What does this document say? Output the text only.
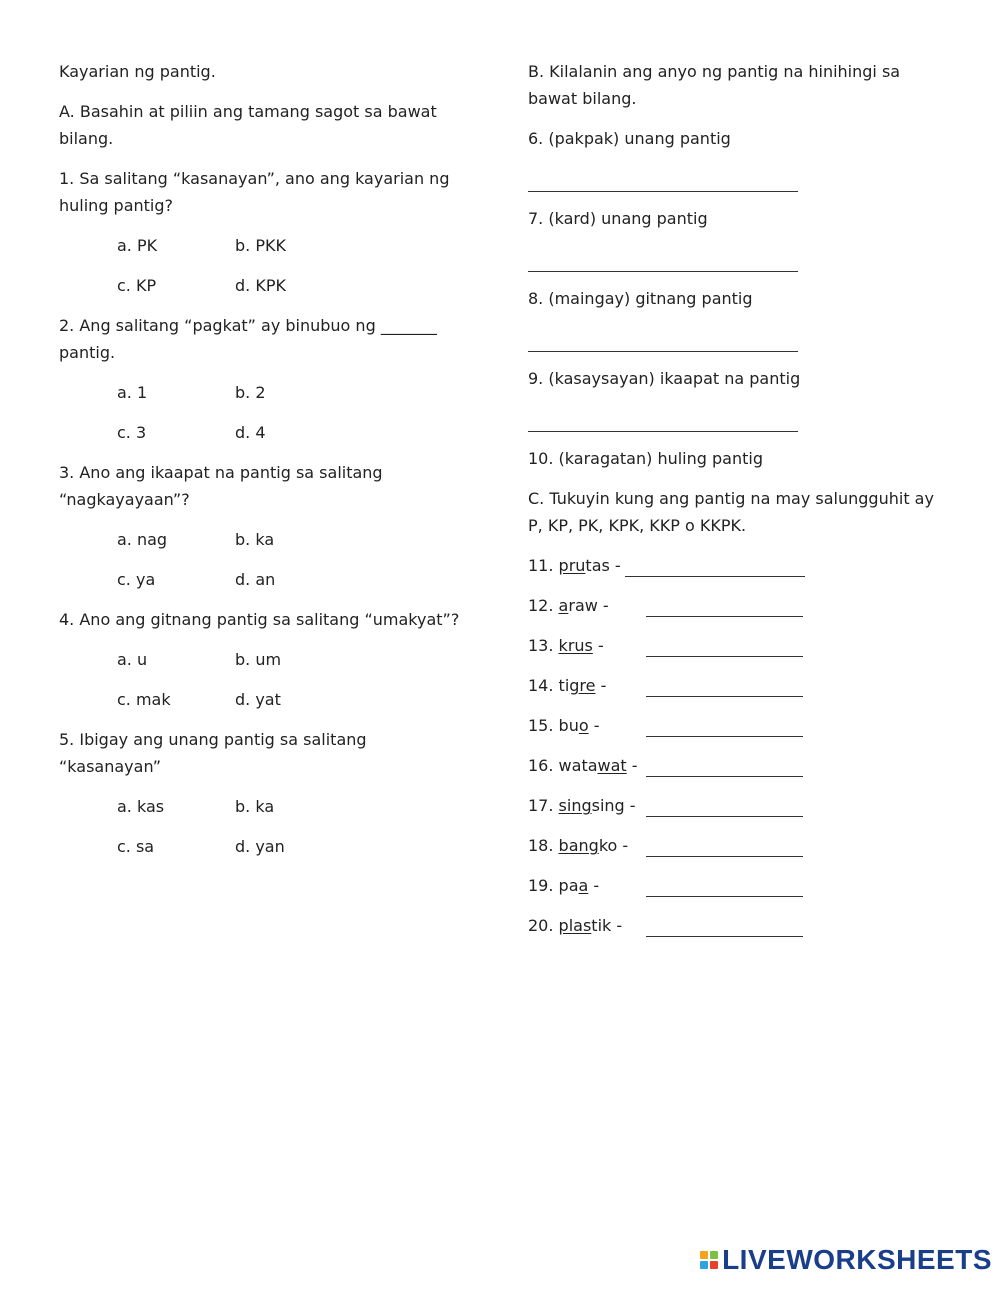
Kayarian ng pantig.
A. Basahin at piliin ang tamang sagot sa bawat
bilang.
1. Sa salitang “kasanayan”, ano ang kayarian ng
huling pantig?
a. PK	b. PKK
c. KP	d. KPK
2. Ang salitang “pagkat” ay binubuo ng _______
pantig.
a. 1	b. 2
c. 3	d. 4
3. Ano ang ikaapat na pantig sa salitang
“nagkayayaan”?
a. nag	b. ka
c. ya	d. an
4. Ano ang gitnang pantig sa salitang “umakyat”?
a. u	b. um
c. mak	d. yat
5. Ibigay ang unang pantig sa salitang
“kasanayan”
a. kas	b. ka
c. sa	d. yan
B. Kilalanin ang anyo ng pantig na hinihingi sa
bawat bilang.
6. (pakpak) unang pantig
7. (kard) unang pantig
8. (maingay) gitnang pantig
9. (kasaysayan) ikaapat na pantig
10. (karagatan) huling pantig
C. Tukuyin kung ang pantig na may salungguhit ay
P, KP, PK, KPK, KKP o KKPK.
11. prutas -
12. araw -
13. krus -
14. tigre -
15. buo -
16. watawat -
17. singsing -
18. bangko -
19. paa -
20. plastik -
LIVEWORKSHEETS
